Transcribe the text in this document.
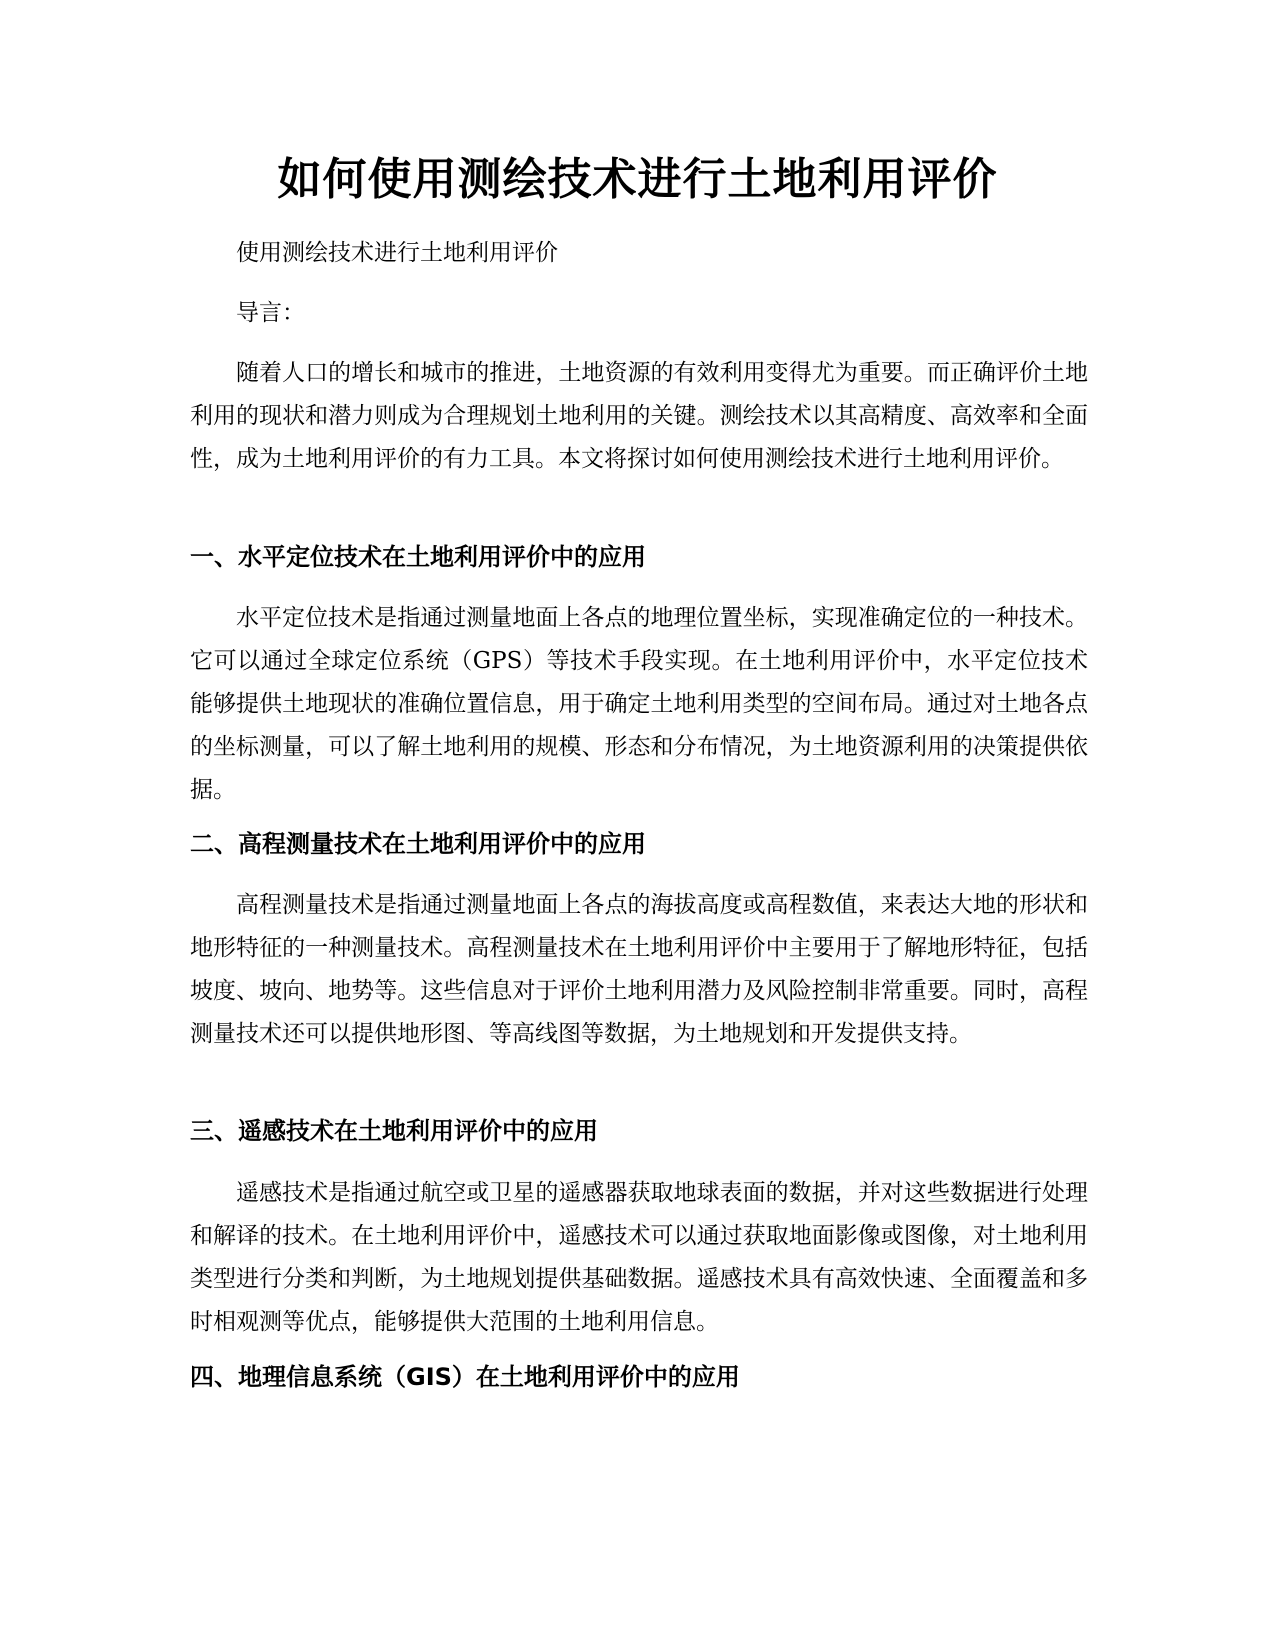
如何使用测绘技术进行土地利用评价

使用测绘技术进行土地利用评价

导言：

随着人口的增长和城市的推进，土地资源的有效利用变得尤为重要。而正确评价土地利用的现状和潜力则成为合理规划土地利用的关键。测绘技术以其高精度、高效率和全面性，成为土地利用评价的有力工具。本文将探讨如何使用测绘技术进行土地利用评价。

一、水平定位技术在土地利用评价中的应用

水平定位技术是指通过测量地面上各点的地理位置坐标，实现准确定位的一种技术。它可以通过全球定位系统（GPS）等技术手段实现。在土地利用评价中，水平定位技术能够提供土地现状的准确位置信息，用于确定土地利用类型的空间布局。通过对土地各点的坐标测量，可以了解土地利用的规模、形态和分布情况，为土地资源利用的决策提供依据。

二、高程测量技术在土地利用评价中的应用

高程测量技术是指通过测量地面上各点的海拔高度或高程数值，来表达大地的形状和地形特征的一种测量技术。高程测量技术在土地利用评价中主要用于了解地形特征，包括坡度、坡向、地势等。这些信息对于评价土地利用潜力及风险控制非常重要。同时，高程测量技术还可以提供地形图、等高线图等数据，为土地规划和开发提供支持。

三、遥感技术在土地利用评价中的应用

遥感技术是指通过航空或卫星的遥感器获取地球表面的数据，并对这些数据进行处理和解译的技术。在土地利用评价中，遥感技术可以通过获取地面影像或图像，对土地利用类型进行分类和判断，为土地规划提供基础数据。遥感技术具有高效快速、全面覆盖和多时相观测等优点，能够提供大范围的土地利用信息。

四、地理信息系统（GIS）在土地利用评价中的应用
